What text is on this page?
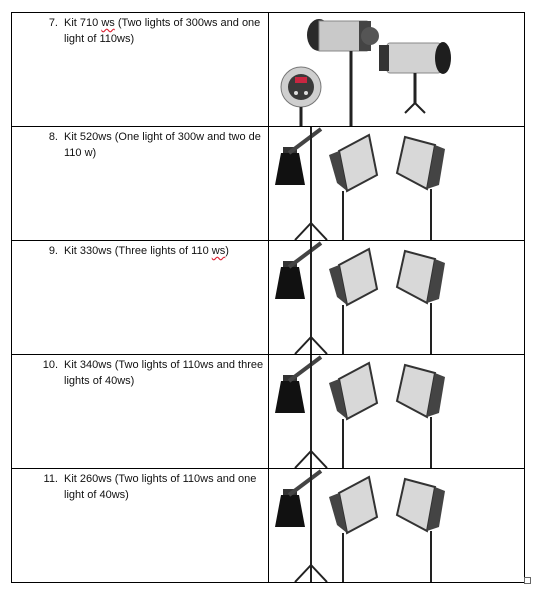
7. Kit 710 ws (Two lights of 300ws and one light of 110ws)

8. Kit 520ws (One light of 300w and two de 110 w)

9. Kit 330ws (Three lights of 110 ws)

10. Kit 340ws (Two lights of 110ws and three lights of 40ws)

11. Kit 260ws (Two lights of 110ws and one light of 40ws)
